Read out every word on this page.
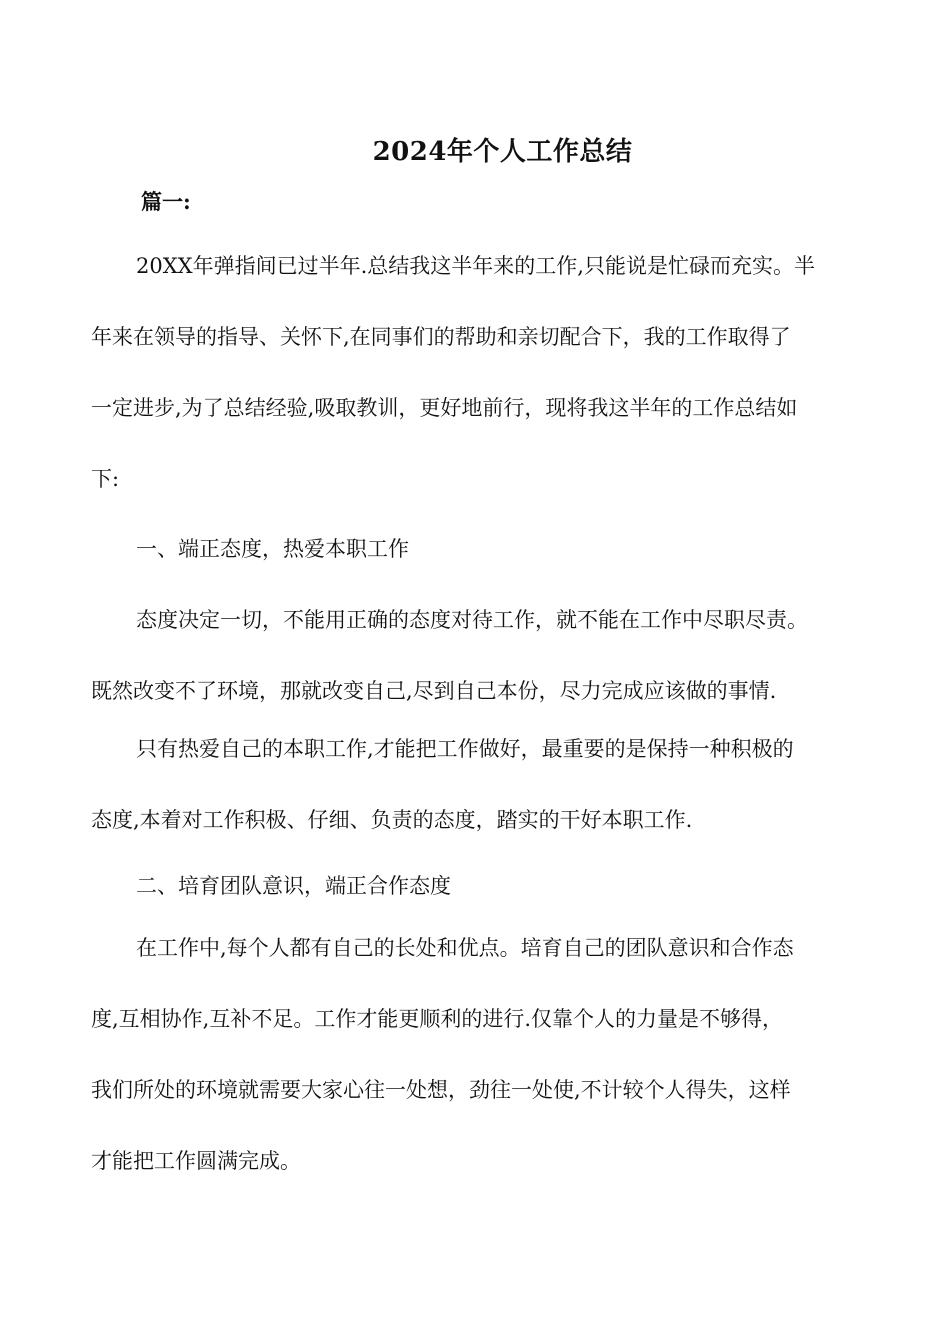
2024年个人工作总结
篇一:
20XX年弹指间已过半年.总结我这半年来的工作,只能说是忙碌而充实。半
年来在领导的指导、关怀下,在同事们的帮助和亲切配合下，我的工作取得了
一定进步,为了总结经验,吸取教训，更好地前行，现将我这半年的工作总结如
下:
一、端正态度，热爱本职工作
态度决定一切，不能用正确的态度对待工作，就不能在工作中尽职尽责。
既然改变不了环境，那就改变自己,尽到自己本份，尽力完成应该做的事情.
只有热爱自己的本职工作,才能把工作做好，最重要的是保持一种积极的
态度,本着对工作积极、仔细、负责的态度，踏实的干好本职工作.
二、培育团队意识，端正合作态度
在工作中,每个人都有自己的长处和优点。培育自己的团队意识和合作态
度,互相协作,互补不足。工作才能更顺利的进行.仅靠个人的力量是不够得，
我们所处的环境就需要大家心往一处想，劲往一处使,不计较个人得失，这样
才能把工作圆满完成。
